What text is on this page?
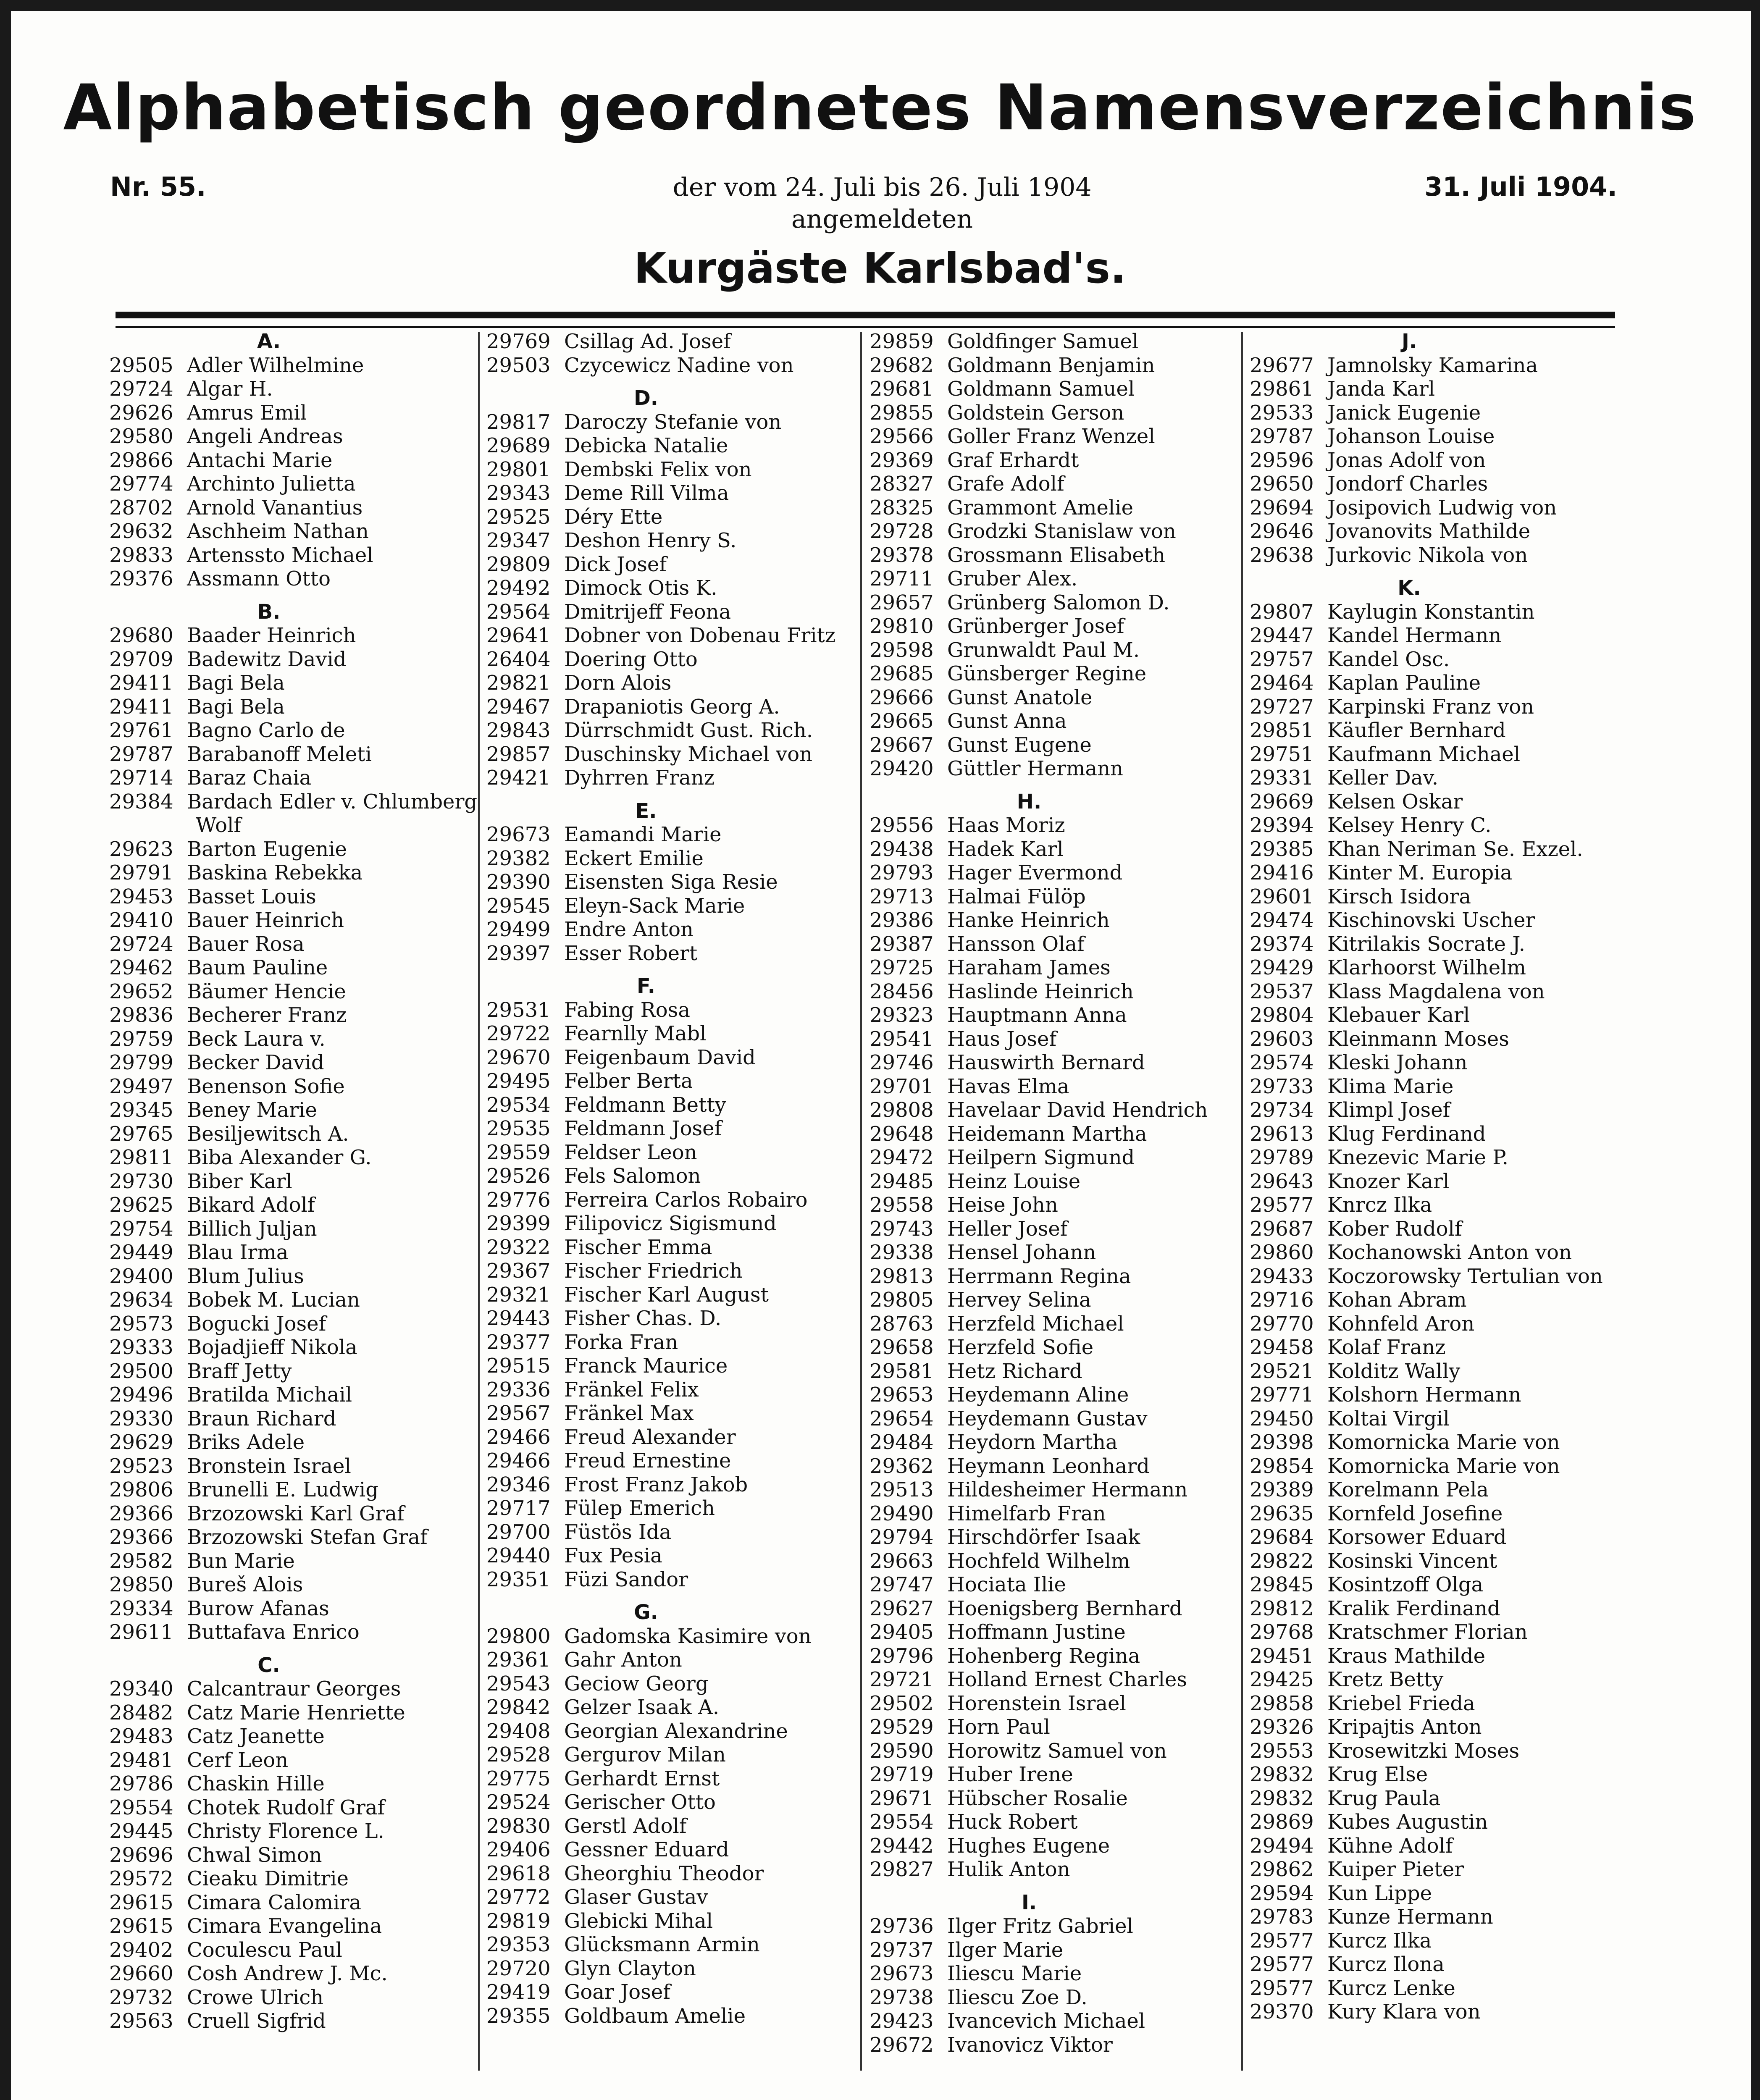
Alphabetisch geordnetes Namensverzeichnis
Nr. 55.	der vom 24. Juli bis 26. Juli 1904
angemeldeten
31. Juli 1904.
Kurgäste Karlsbad's.
A.
29505 Adler Wilhelmine
29724 Algar H.
29626 Amrus Emil
29580 Angeli Andreas
29866 Antachi Marie
29774 Archinto Julietta
28702 Arnold Vanantius
29632 Aschheim Nathan
29833 Artenssto Michael
29376 Assmann Otto
B.
29680 Baader Heinrich
29709 Badewitz David
29411 Bagi Bela
29411 Bagi Bela
29761 Bagno Carlo de
29787 Barabanoff Meleti
29714 Baraz Chaia
29384 Bardach Edler v. Chlumberg
Wolf
29623 Barton Eugenie
29791 Baskina Rebekka
29453 Basset Louis
29410 Bauer Heinrich
29724 Bauer Rosa
29462 Baum Pauline
29652 Bäumer Hencie
29836 Becherer Franz
29759 Beck Laura v.
29799 Becker David
29497 Benenson Sofie
29345 Beney Marie
29765 Besiljewitsch A.
29811 Biba Alexander G.
29730 Biber Karl
29625 Bikard Adolf
29754 Billich Juljan
29449 Blau Irma
29400 Blum Julius
29634 Bobek M. Lucian
29573 Bogucki Josef
29333 Bojadjieff Nikola
29500 Braff Jetty
29496 Bratilda Michail
29330 Braun Richard
29629 Briks Adele
29523 Bronstein Israel
29806 Brunelli E. Ludwig
29366 Brzozowski Karl Graf
29366 Brzozowski Stefan Graf
29582 Bun Marie
29850 Bureš Alois
29334 Burow Afanas
29611 Buttafava Enrico
C.
29340 Calcantraur Georges
28482 Catz Marie Henriette
29483 Catz Jeanette
29481 Cerf Leon
29786 Chaskin Hille
29554 Chotek Rudolf Graf
29445 Christy Florence L.
29696 Chwal Simon
29572 Cieaku Dimitrie
29615 Cimara Calomira
29615 Cimara Evangelina
29402 Coculescu Paul
29660 Cosh Andrew J. Mc.
29732 Crowe Ulrich
29563 Cruell Sigfrid
29769 Csillag Ad. Josef
29503 Czycewicz Nadine von
D.
29817 Daroczy Stefanie von
29689 Debicka Natalie
29801 Dembski Felix von
29343 Deme Rill Vilma
29525 Déry Ette
29347 Deshon Henry S.
29809 Dick Josef
29492 Dimock Otis K.
29564 Dmitrijeff Feona
29641 Dobner von Dobenau Fritz
26404 Doering Otto
29821 Dorn Alois
29467 Drapaniotis Georg A.
29843 Dürrschmidt Gust. Rich.
29857 Duschinsky Michael von
29421 Dyhrren Franz
E.
29673 Eamandi Marie
29382 Eckert Emilie
29390 Eisensten Siga Resie
29545 Eleyn-Sack Marie
29499 Endre Anton
29397 Esser Robert
F.
29531 Fabing Rosa
29722 Fearnlly Mabl
29670 Feigenbaum David
29495 Felber Berta
29534 Feldmann Betty
29535 Feldmann Josef
29559 Feldser Leon
29526 Fels Salomon
29776 Ferreira Carlos Robairo
29399 Filipovicz Sigismund
29322 Fischer Emma
29367 Fischer Friedrich
29321 Fischer Karl August
29443 Fisher Chas. D.
29377 Forka Fran
29515 Franck Maurice
29336 Fränkel Felix
29567 Fränkel Max
29466 Freud Alexander
29466 Freud Ernestine
29346 Frost Franz Jakob
29717 Fülep Emerich
29700 Füstös Ida
29440 Fux Pesia
29351 Füzi Sandor
G.
29800 Gadomska Kasimire von
29361 Gahr Anton
29543 Geciow Georg
29842 Gelzer Isaak A.
29408 Georgian Alexandrine
29528 Gergurov Milan
29775 Gerhardt Ernst
29524 Gerischer Otto
29830 Gerstl Adolf
29406 Gessner Eduard
29618 Gheorghiu Theodor
29772 Glaser Gustav
29819 Glebicki Mihal
29353 Glücksmann Armin
29720 Glyn Clayton
29419 Goar Josef
29355 Goldbaum Amelie
29859 Goldfinger Samuel
29682 Goldmann Benjamin
29681 Goldmann Samuel
29855 Goldstein Gerson
29566 Goller Franz Wenzel
29369 Graf Erhardt
28327 Grafe Adolf
28325 Grammont Amelie
29728 Grodzki Stanislaw von
29378 Grossmann Elisabeth
29711 Gruber Alex.
29657 Grünberg Salomon D.
29810 Grünberger Josef
29598 Grunwaldt Paul M.
29685 Günsberger Regine
29666 Gunst Anatole
29665 Gunst Anna
29667 Gunst Eugene
29420 Güttler Hermann
H.
29556 Haas Moriz
29438 Hadek Karl
29793 Hager Evermond
29713 Halmai Fülöp
29386 Hanke Heinrich
29387 Hansson Olaf
29725 Haraham James
28456 Haslinde Heinrich
29323 Hauptmann Anna
29541 Haus Josef
29746 Hauswirth Bernard
29701 Havas Elma
29808 Havelaar David Hendrich
29648 Heidemann Martha
29472 Heilpern Sigmund
29485 Heinz Louise
29558 Heise John
29743 Heller Josef
29338 Hensel Johann
29813 Herrmann Regina
29805 Hervey Selina
28763 Herzfeld Michael
29658 Herzfeld Sofie
29581 Hetz Richard
29653 Heydemann Aline
29654 Heydemann Gustav
29484 Heydorn Martha
29362 Heymann Leonhard
29513 Hildesheimer Hermann
29490 Himelfarb Fran
29794 Hirschdörfer Isaak
29663 Hochfeld Wilhelm
29747 Hociata Ilie
29627 Hoenigsberg Bernhard
29405 Hoffmann Justine
29796 Hohenberg Regina
29721 Holland Ernest Charles
29502 Horenstein Israel
29529 Horn Paul
29590 Horowitz Samuel von
29719 Huber Irene
29671 Hübscher Rosalie
29554 Huck Robert
29442 Hughes Eugene
29827 Hulik Anton
I.
29736 Ilger Fritz Gabriel
29737 Ilger Marie
29673 Iliescu Marie
29738 Iliescu Zoe D.
29423 Ivancevich Michael
29672 Ivanovicz Viktor
J.
29677 Jamnolsky Kamarina
29861 Janda Karl
29533 Janick Eugenie
29787 Johanson Louise
29596 Jonas Adolf von
29650 Jondorf Charles
29694 Josipovich Ludwig von
29646 Jovanovits Mathilde
29638 Jurkovic Nikola von
K.
29807 Kaylugin Konstantin
29447 Kandel Hermann
29757 Kandel Osc.
29464 Kaplan Pauline
29727 Karpinski Franz von
29851 Käufler Bernhard
29751 Kaufmann Michael
29331 Keller Dav.
29669 Kelsen Oskar
29394 Kelsey Henry C.
29385 Khan Neriman Se. Exzel.
29416 Kinter M. Europia
29601 Kirsch Isidora
29474 Kischinovski Uscher
29374 Kitrilakis Socrate J.
29429 Klarhoorst Wilhelm
29537 Klass Magdalena von
29804 Klebauer Karl
29603 Kleinmann Moses
29574 Kleski Johann
29733 Klima Marie
29734 Klimpl Josef
29613 Klug Ferdinand
29789 Knezevic Marie P.
29643 Knozer Karl
29577 Knrcz Ilka
29687 Kober Rudolf
29860 Kochanowski Anton von
29433 Koczorowsky Tertulian von
29716 Kohan Abram
29770 Kohnfeld Aron
29458 Kolaf Franz
29521 Kolditz Wally
29771 Kolshorn Hermann
29450 Koltai Virgil
29398 Komornicka Marie von
29854 Komornicka Marie von
29389 Korelmann Pela
29635 Kornfeld Josefine
29684 Korsower Eduard
29822 Kosinski Vincent
29845 Kosintzoff Olga
29812 Kralik Ferdinand
29768 Kratschmer Florian
29451 Kraus Mathilde
29425 Kretz Betty
29858 Kriebel Frieda
29326 Kripajtis Anton
29553 Krosewitzki Moses
29832 Krug Else
29832 Krug Paula
29869 Kubes Augustin
29494 Kühne Adolf
29862 Kuiper Pieter
29594 Kun Lippe
29783 Kunze Hermann
29577 Kurcz Ilka
29577 Kurcz Ilona
29577 Kurcz Lenke
29370 Kury Klara von
